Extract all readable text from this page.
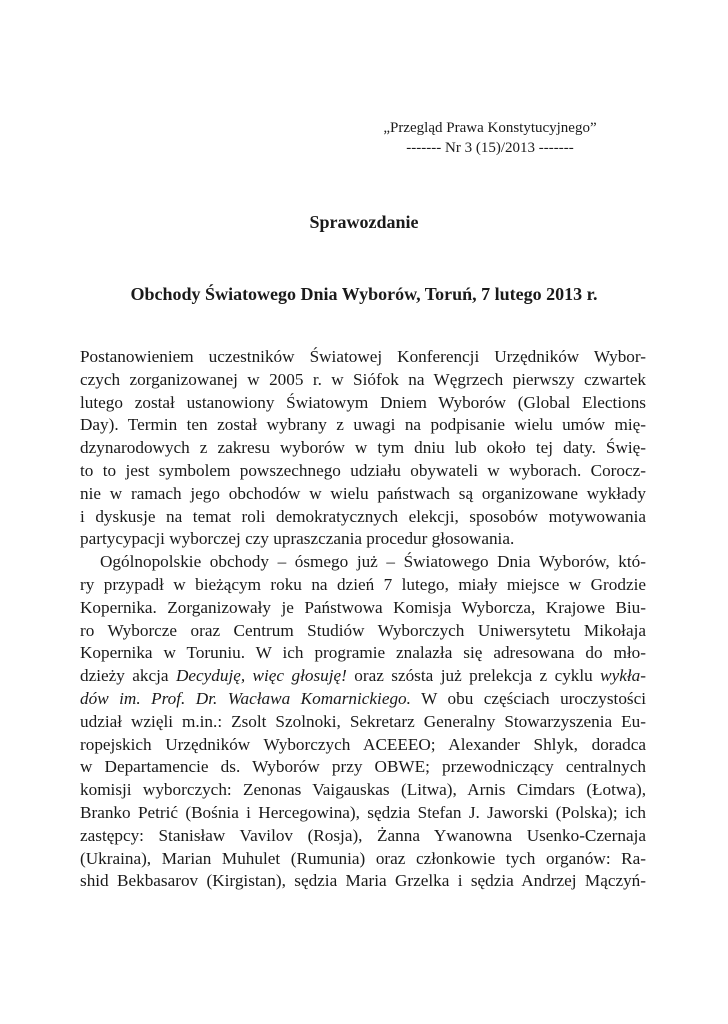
„Przegląd Prawa Konstytucyjnego”
------- Nr 3 (15)/2013 -------
Sprawozdanie
Obchody Światowego Dnia Wyborów, Toruń, 7 lutego 2013 r.
Postanowieniem uczestników Światowej Konferencji Urzędników Wybor-
czych zorganizowanej w 2005 r. w Siófok na Węgrzech pierwszy czwartek
lutego został ustanowiony Światowym Dniem Wyborów (Global Elections
Day). Termin ten został wybrany z uwagi na podpisanie wielu umów mię-
dzynarodowych z zakresu wyborów w tym dniu lub około tej daty. Świę-
to to jest symbolem powszechnego udziału obywateli w wyborach. Corocz-
nie w ramach jego obchodów w wielu państwach są organizowane wykłady
i dyskusje na temat roli demokratycznych elekcji, sposobów motywowania
partycypacji wyborczej czy upraszczania procedur głosowania.
Ogólnopolskie obchody – ósmego już – Światowego Dnia Wyborów, któ-
ry przypadł w bieżącym roku na dzień 7 lutego, miały miejsce w Grodzie
Kopernika. Zorganizowały je Państwowa Komisja Wyborcza, Krajowe Biu-
ro Wyborcze oraz Centrum Studiów Wyborczych Uniwersytetu Mikołaja
Kopernika w Toruniu. W ich programie znalazła się adresowana do mło-
dzieży akcja Decyduję, więc głosuję! oraz szósta już prelekcja z cyklu wykła-
dów im. Prof. Dr. Wacława Komarnickiego. W obu częściach uroczystości
udział wzięli m.in.: Zsolt Szolnoki, Sekretarz Generalny Stowarzyszenia Eu-
ropejskich Urzędników Wyborczych ACEEEO; Alexander Shlyk, doradca
w Departamencie ds. Wyborów przy OBWE; przewodniczący centralnych
komisji wyborczych: Zenonas Vaigauskas (Litwa), Arnis Cimdars (Łotwa),
Branko Petrić (Bośnia i Hercegowina), sędzia Stefan J. Jaworski (Polska); ich
zastępcy: Stanisław Vavilov (Rosja), Żanna Ywanowna Usenko-Czernaja
(Ukraina), Marian Muhulet (Rumunia) oraz członkowie tych organów: Ra-
shid Bekbasarov (Kirgistan), sędzia Maria Grzelka i sędzia Andrzej Mączyń-
